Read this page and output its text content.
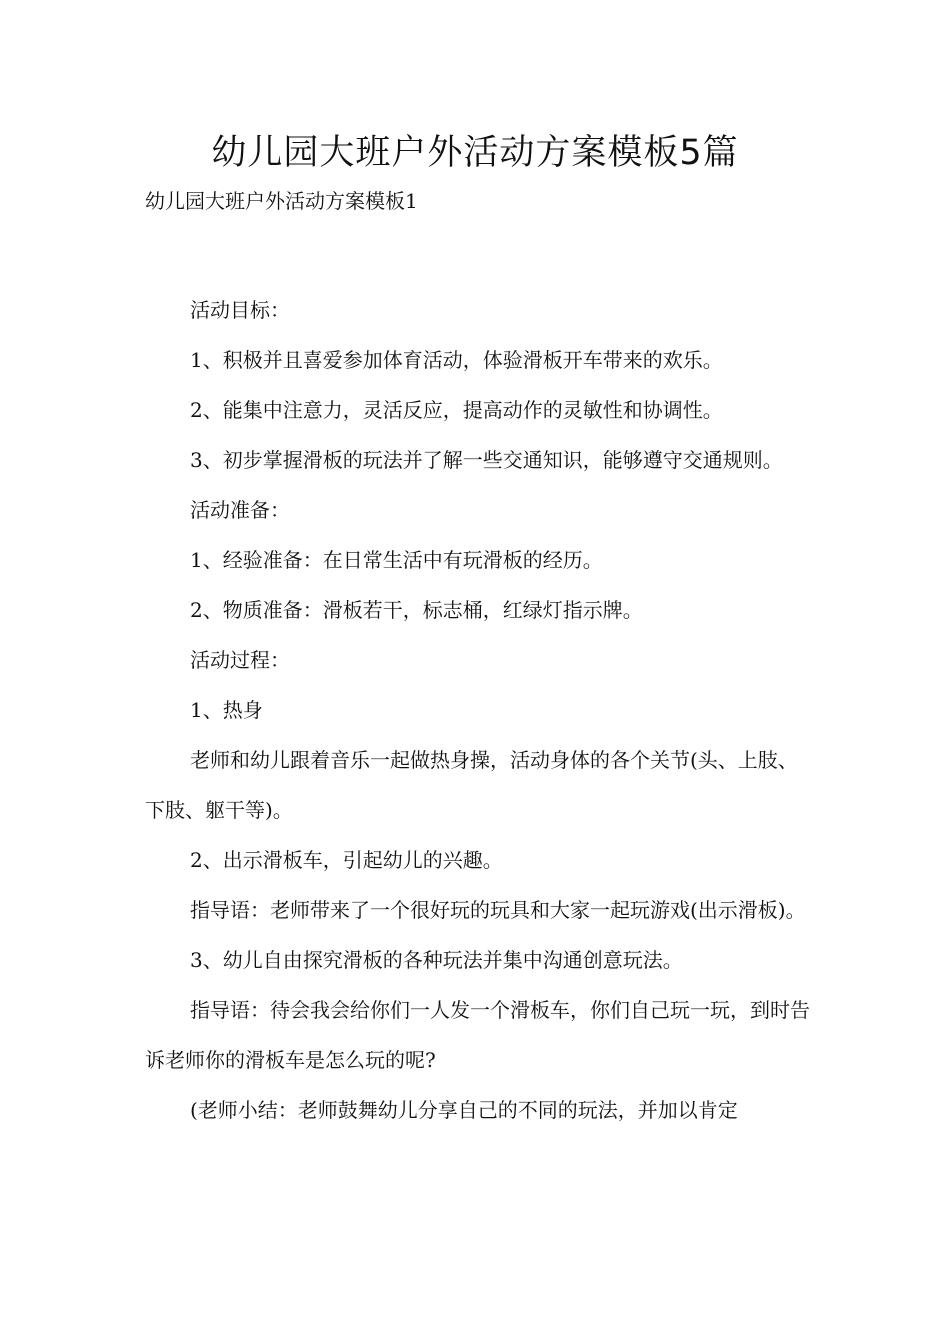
幼儿园大班户外活动方案模板5篇

幼儿园大班户外活动方案模板1

活动目标：

1、积极并且喜爱参加体育活动，体验滑板开车带来的欢乐。

2、能集中注意力，灵活反应，提高动作的灵敏性和协调性。

3、初步掌握滑板的玩法并了解一些交通知识，能够遵守交通规则。

活动准备：

1、经验准备：在日常生活中有玩滑板的经历。

2、物质准备：滑板若干，标志桶，红绿灯指示牌。

活动过程：

1、热身

老师和幼儿跟着音乐一起做热身操，活动身体的各个关节(头、上肢、下肢、躯干等)。

2、出示滑板车，引起幼儿的兴趣。

指导语：老师带来了一个很好玩的玩具和大家一起玩游戏(出示滑板)。

3、幼儿自由探究滑板的各种玩法并集中沟通创意玩法。

指导语：待会我会给你们一人发一个滑板车，你们自己玩一玩，到时告诉老师你的滑板车是怎么玩的呢?

(老师小结：老师鼓舞幼儿分享自己的不同的玩法，并加以肯定
